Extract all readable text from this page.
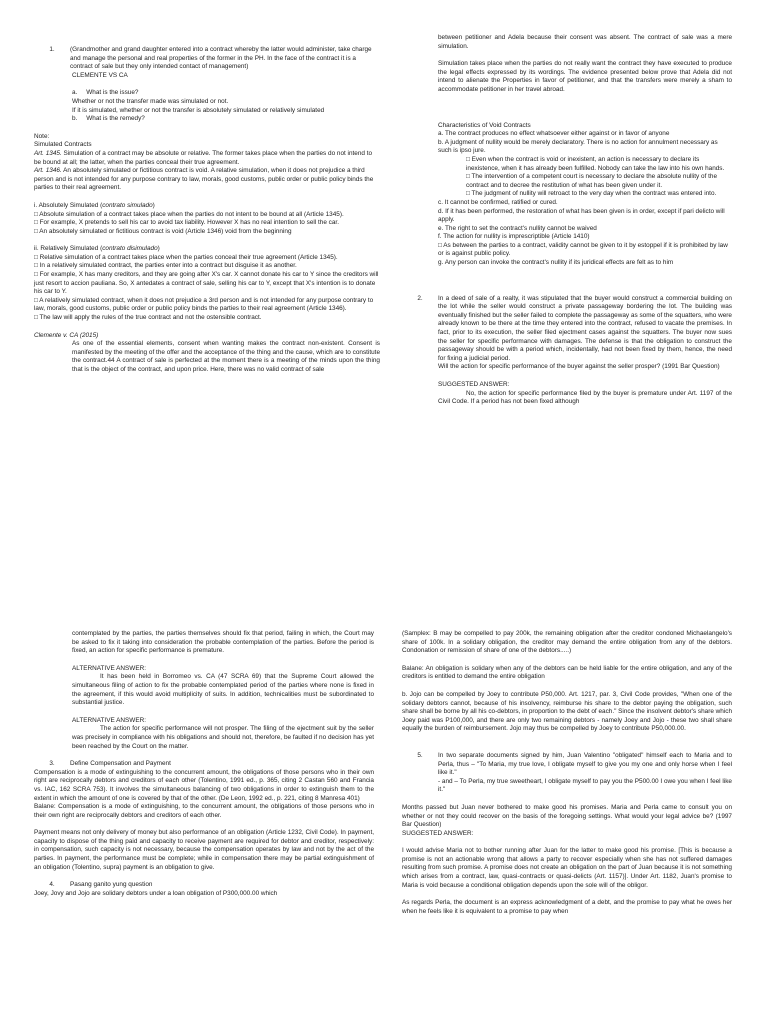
1.	(Grandmother and grand daughter entered into a contract whereby the latter would administer, take charge and manage the personal and real properties of the former in the PH. In the face of the contract it is a contract of sale but they only intended contact of management)
CLEMENTE VS CA
a. What is the issue?
Whether or not the transfer made was simulated or not.
If it is simulated, whether or not the transfer is absolutely simulated or relatively simulated
b. What is the remedy?
Note:
Simulated Contracts
Art. 1345. Simulation of a contract may be absolute or relative. The former takes place when the parties do not intend to be bound at all; the latter, when the parties conceal their true agreement.
Art. 1346. An absolutely simulated or fictitious contract is void. A relative simulation, when it does not prejudice a third person and is not intended for any purpose contrary to law, morals, good customs, public order or public policy binds the parties to their real agreement.
i. Absolutely Simulated (contrato simulado)
□ Absolute simulation of a contract takes place when the parties do not intent to be bound at all (Article 1345).
□ For example, X pretends to sell his car to avoid tax liability. However X has no real intention to sell the car.
□ An absolutely simulated or fictitious contract is void (Article 1346) void from the beginning
ii. Relatively Simulated (contrato disimulado)
□ Relative simulation of a contract takes place when the parties conceal their true agreement (Article 1345).
□ In a relatively simulated contract, the parties enter into a contract but disguise it as another.
□ For example, X has many creditors, and they are going after X's car. X cannot donate his car to Y since the creditors will just resort to accion pauliana. So, X antedates a contract of sale, selling his car to Y, except that X's intention is to donate his car to Y.
□ A relatively simulated contract, when it does not prejudice a 3rd person and is not intended for any purpose contrary to law, morals, good customs, public order or public policy binds the parties to their real agreement (Article 1346).
□ The law will apply the rules of the true contract and not the ostensible contract.
Clemente v. CA (2015)
As one of the essential elements, consent when wanting makes the contract non-existent. Consent is manifested by the meeting of the offer and the acceptance of the thing and the cause, which are to constitute the contract.44 A contract of sale is perfected at the moment there is a meeting of the minds upon the thing that is the object of the contract, and upon price. Here, there was no valid contract of sale
between petitioner and Adela because their consent was absent. The contract of sale was a mere simulation.
Simulation takes place when the parties do not really want the contract they have executed to produce the legal effects expressed by its wordings. The evidence presented below prove that Adela did not intend to alienate the Properties in favor of petitioner, and that the transfers were merely a sham to accommodate petitioner in her travel abroad.
Characteristics of Void Contracts
a. The contract produces no effect whatsoever either against or in favor of anyone
b. A judgment of nullity would be merely declaratory. There is no action for annulment necessary as such is ipso jure.
□ Even when the contract is void or inexistent, an action is necessary to declare its inexistence, when it has already been fulfilled. Nobody can take the law into his own hands.
□ The intervention of a competent court is necessary to declare the absolute nullity of the contract and to decree the restitution of what has been given under it.
□ The judgment of nullity will retroact to the very day when the contract was entered into.
c. It cannot be confirmed, ratified or cured.
d. If it has been performed, the restoration of what has been given is in order, except if pari delicto will apply.
e. The right to set the contract's nullity cannot be waived
f. The action for nullity is imprescriptible (Article 1410)
□ As between the parties to a contract, validity cannot be given to it by estoppel if it is prohibited by law or is against public policy.
g. Any person can invoke the contract's nullity if its juridical effects are felt as to him
2.	In a deed of sale of a realty, it was stipulated that the buyer would construct a commercial building on the lot while the seller would construct a private passageway bordering the lot. The building was eventually finished but the seller failed to complete the passageway as some of the squatters, who were already known to be there at the time they entered into the contract, refused to vacate the premises. In fact, prior to its execution, the seller filed ejectment cases against the squatters. The buyer now sues the seller for specific performance with damages. The defense is that the obligation to construct the passageway should be with a period which, incidentally, had not been fixed by them, hence, the need for fixing a judicial period.
Will the action for specific performance of the buyer against the seller prosper? (1991 Bar Question)
SUGGESTED ANSWER:
No, the action for specific performance filed by the buyer is premature under Art. 1197 of the Civil Code. If a period has not been fixed although
contemplated by the parties, the parties themselves should fix that period, failing in which, the Court may be asked to fix it taking into consideration the probable contemplation of the parties. Before the period is fixed, an action for specific performance is premature.
ALTERNATIVE ANSWER:
It has been held in Borromeo vs. CA (47 SCRA 69) that the Supreme Court allowed the simultaneous filing of action to fix the probable contemplated period of the parties where none is fixed in the agreement, if this would avoid multiplicity of suits. In addition, technicalities must be subordinated to substantial justice.
ALTERNATIVE ANSWER:
The action for specific performance will not prosper. The filing of the ejectment suit by the seller was precisely in compliance with his obligations and should not, therefore, be faulted if no decision has yet been reached by the Court on the matter.
3.	Define Compensation and Payment
Compensation is a mode of extinguishing to the concurrent amount, the obligations of those persons who in their own right are reciprocally debtors and creditors of each other (Tolentino, 1991 ed., p. 365, citing 2 Castan 560 and Francia vs. IAC, 162 SCRA 753). It involves the simultaneous balancing of two obligations in order to extinguish them to the extent in which the amount of one is covered by that of the other. (De Leon, 1992 ed., p. 221, citing 8 Manresa 401)
Balane: Compensation is a mode of extinguishing, to the concurrent amount, the obligations of those persons who in their own right are reciprocally debtors and creditors of each other.
Payment means not only delivery of money but also performance of an obligation (Article 1232, Civil Code). In payment, capacity to dispose of the thing paid and capacity to receive payment are required for debtor and creditor, respectively: in compensation, such capacity is not necessary, because the compensation operates by law and not by the act of the parties. In payment, the performance must be complete; while in compensation there may be partial extinguishment of an obligation (Tolentino, supra) payment is an obligation to give.
4.	Pasang ganito yung question
Joey, Jovy and Jojo are solidary debtors under a loan obligation of P300,000.00 which
(Samplex: B may be compelled to pay 200k, the remaining obligation after the creditor condoned Michaelangelo's share of 100k. In a solidary obligation, the creditor may demand the entire obligation from any of the debtors. Condonation or remission of share of one of the debtors.....)
Balane: An obligation is solidary when any of the debtors can be held liable for the entire obligation, and any of the creditors is entitled to demand the entire obligation
b. Jojo can be compelled by Joey to contribute P50,000. Art. 1217, par. 3, Civil Code provides, "When one of the solidary debtors cannot, because of his insolvency, reimburse his share to the debtor paying the obligation, such share shall be borne by all his co-debtors, in proportion to the debt of each." Since the insolvent debtor's share which Joey paid was P100,000, and there are only two remaining debtors - namely Joey and Jojo - these two shall share equally the burden of reimbursement. Jojo may thus be compelled by Joey to contribute P50,000.00.
5.	In two separate documents signed by him, Juan Valentino "obligated" himself each to Maria and to Perla, thus – "To Maria, my true love, I obligate myself to give you my one and only horse when I feel like it."
- and – To Perla, my true sweetheart, I obligate myself to pay you the P500.00 I owe you when I feel like it."
Months passed but Juan never bothered to make good his promises. Maria and Perla came to consult you on whether or not they could recover on the basis of the foregoing settings. What would your legal advice be? (1997 Bar Question)
SUGGESTED ANSWER:
I would advise Maria not to bother running after Juan for the latter to make good his promise. [This is because a promise is not an actionable wrong that allows a party to recover especially when she has not suffered damages resulting from such promise. A promise does not create an obligation on the part of Juan because it is not something which arises from a contract, law, quasi-contracts or quasi-delicts (Art. 1157)]. Under Art. 1182, Juan's promise to Maria is void because a conditional obligation depends upon the sole will of the obligor.
As regards Perla, the document is an express acknowledgment of a debt, and the promise to pay what he owes her when he feels like it is equivalent to a promise to pay when
